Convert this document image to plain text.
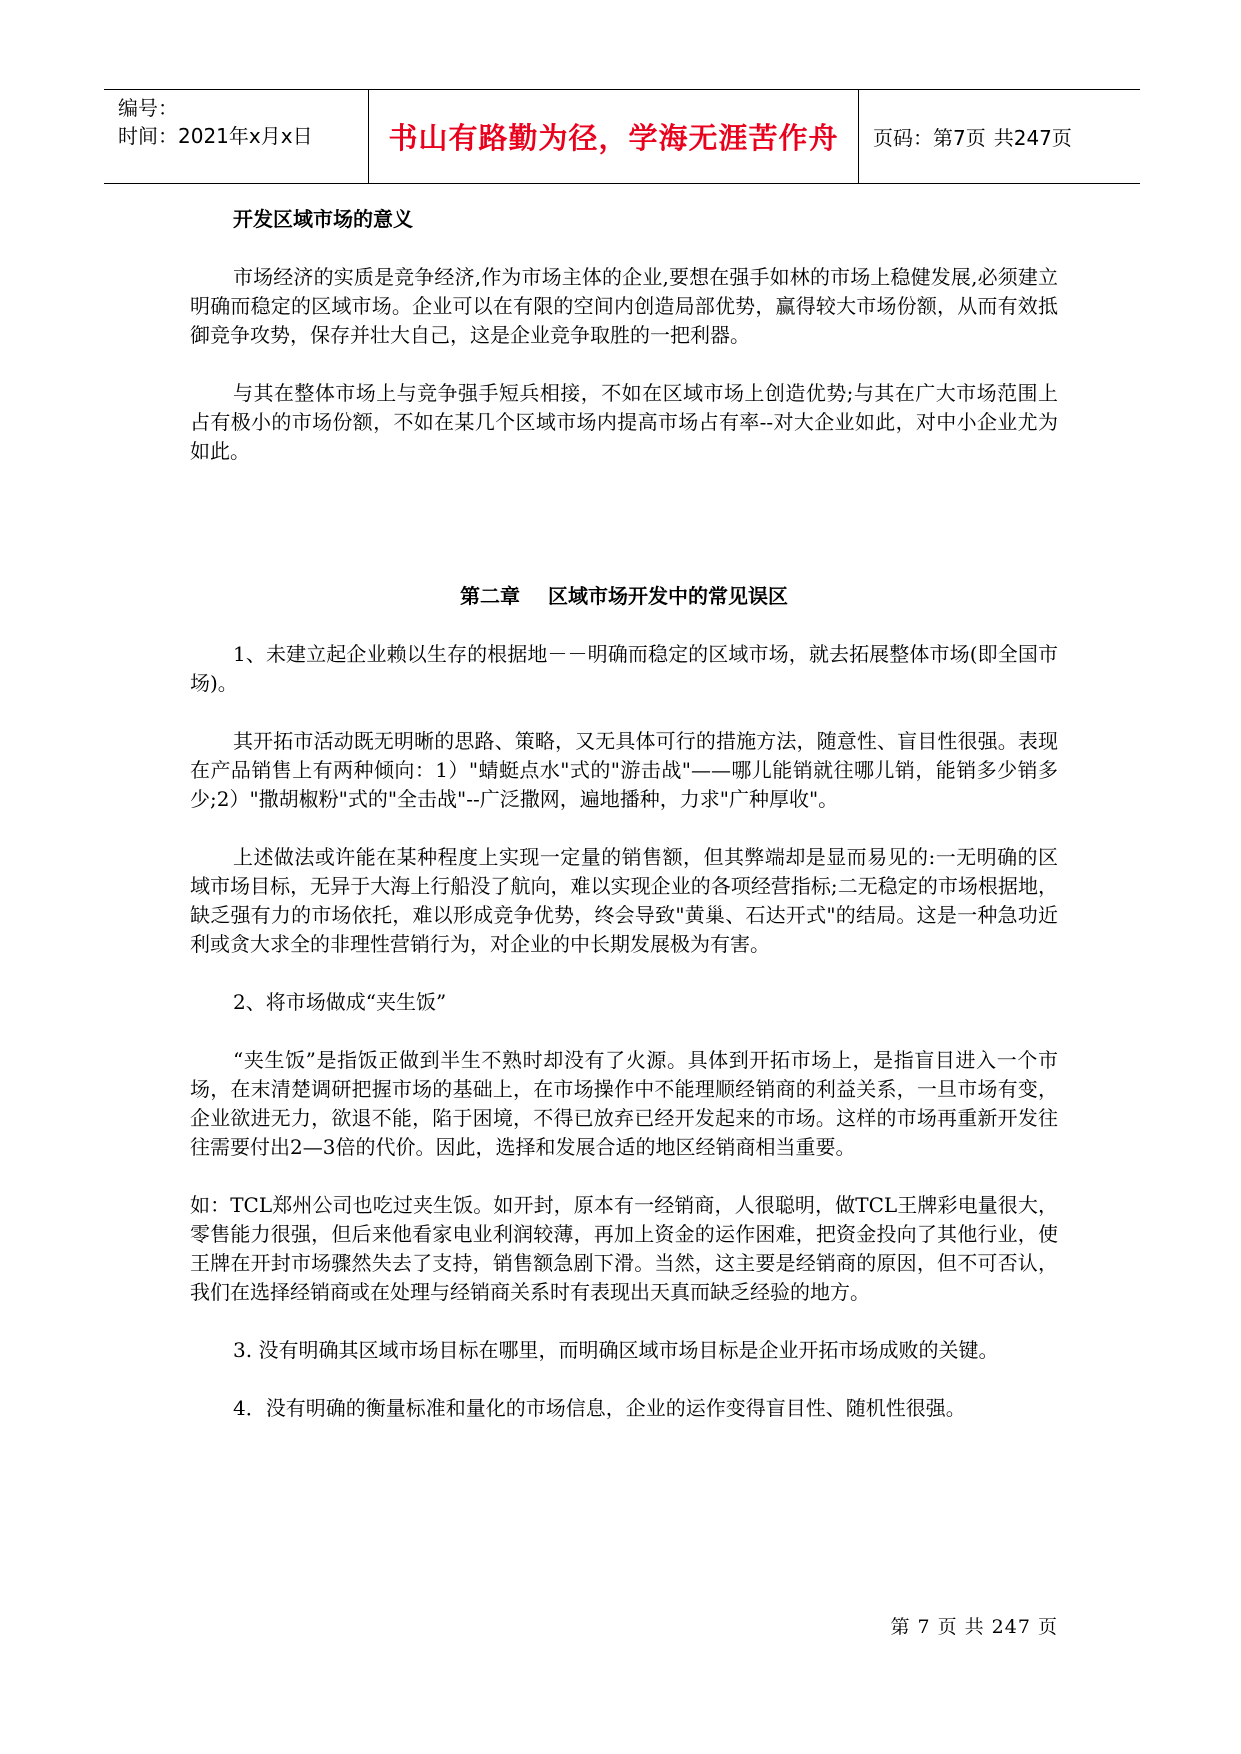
编号：
时间：2021年x月x日	书山有路勤为径，学海无涯苦作舟	页码：第7页 共247页

开发区域市场的意义

市场经济的实质是竞争经济,作为市场主体的企业,要想在强手如林的市场上稳健发展,必须建立明确而稳定的区域市场。企业可以在有限的空间内创造局部优势，赢得较大市场份额，从而有效抵御竞争攻势，保存并壮大自己，这是企业竞争取胜的一把利器。

与其在整体市场上与竞争强手短兵相接，不如在区域市场上创造优势;与其在广大市场范围上占有极小的市场份额，不如在某几个区域市场内提高市场占有率--对大企业如此，对中小企业尤为如此。

第二章 区域市场开发中的常见误区

1、未建立起企业赖以生存的根据地－－明确而稳定的区域市场，就去拓展整体市场(即全国市场)。

其开拓市活动既无明晰的思路、策略，又无具体可行的措施方法，随意性、盲目性很强。表现在产品销售上有两种倾向：1）"蜻蜓点水"式的"游击战"——哪儿能销就往哪儿销，能销多少销多少;2）"撒胡椒粉"式的"全击战"--广泛撒网，遍地播种，力求"广种厚收"。

上述做法或许能在某种程度上实现一定量的销售额，但其弊端却是显而易见的:一无明确的区域市场目标，无异于大海上行船没了航向，难以实现企业的各项经营指标;二无稳定的市场根据地，缺乏强有力的市场依托，难以形成竞争优势，终会导致"黄巢、石达开式"的结局。这是一种急功近利或贪大求全的非理性营销行为，对企业的中长期发展极为有害。

2、将市场做成“夹生饭”

“夹生饭”是指饭正做到半生不熟时却没有了火源。具体到开拓市场上，是指盲目进入一个市场，在末清楚调研把握市场的基础上，在市场操作中不能理顺经销商的利益关系，一旦市场有变，企业欲进无力，欲退不能，陷于困境，不得已放弃已经开发起来的市场。这样的市场再重新开发往往需要付出2—3倍的代价。因此，选择和发展合适的地区经销商相当重要。

如：TCL郑州公司也吃过夹生饭。如开封，原本有一经销商，人很聪明，做TCL王牌彩电量很大，零售能力很强，但后来他看家电业利润较薄，再加上资金的运作困难，把资金投向了其他行业，使王牌在开封市场骤然失去了支持，销售额急剧下滑。当然，这主要是经销商的原因，但不可否认，我们在选择经销商或在处理与经销商关系时有表现出天真而缺乏经验的地方。

3. 没有明确其区域市场目标在哪里，而明确区域市场目标是企业开拓市场成败的关键。

4．没有明确的衡量标准和量化的市场信息，企业的运作变得盲目性、随机性很强。

第 7 页 共 247 页
